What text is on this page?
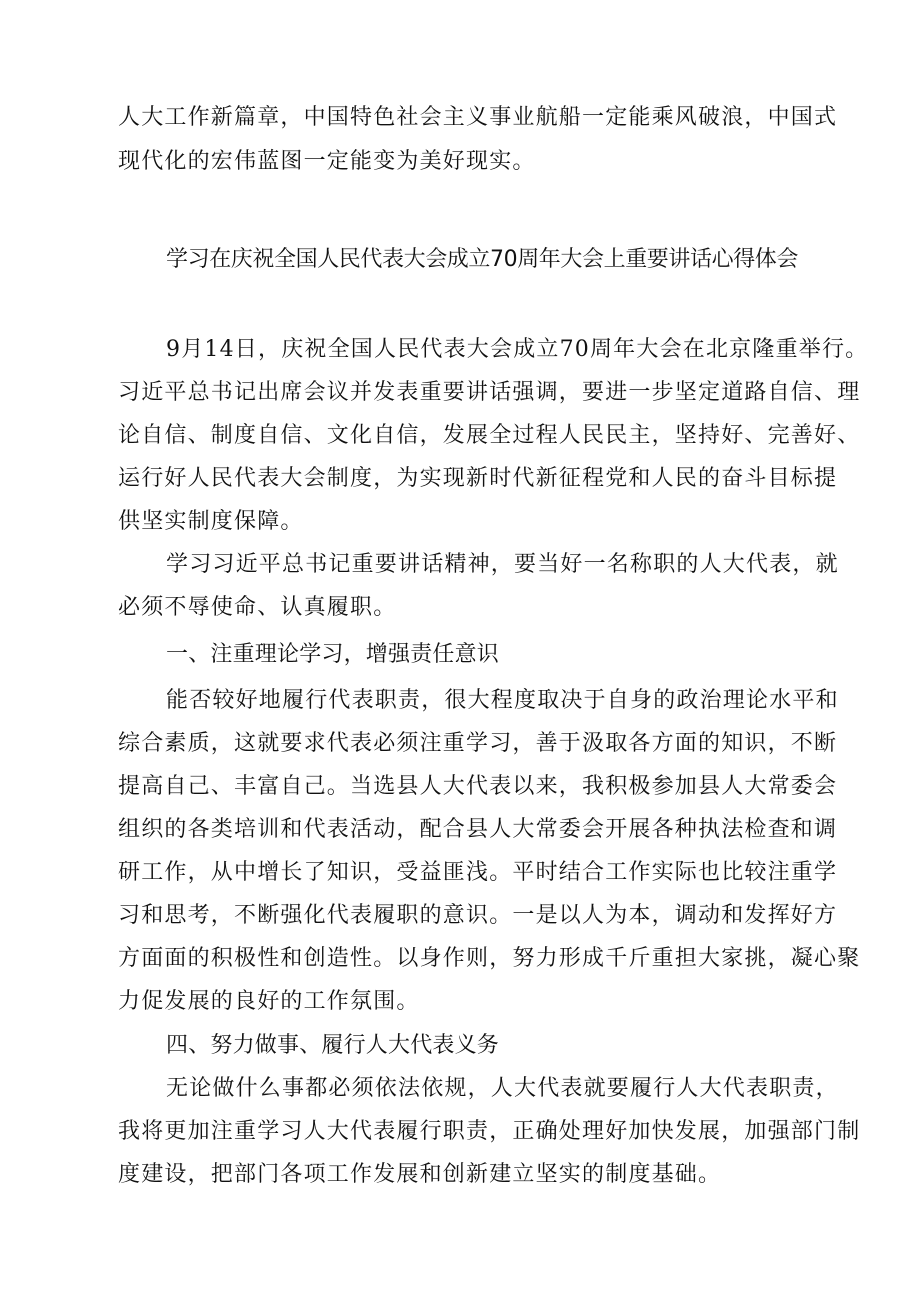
人大工作新篇章，中国特色社会主义事业航船一定能乘风破浪，中国式
现代化的宏伟蓝图一定能变为美好现实。
学习在庆祝全国人民代表大会成立70周年大会上重要讲话心得体会
9月14日，庆祝全国人民代表大会成立70周年大会在北京隆重举行。
习近平总书记出席会议并发表重要讲话强调，要进一步坚定道路自信、理
论自信、制度自信、文化自信，发展全过程人民民主，坚持好、完善好、
运行好人民代表大会制度，为实现新时代新征程党和人民的奋斗目标提
供坚实制度保障。
学习习近平总书记重要讲话精神，要当好一名称职的人大代表，就
必须不辱使命、认真履职。
一、注重理论学习，增强责任意识
能否较好地履行代表职责，很大程度取决于自身的政治理论水平和
综合素质，这就要求代表必须注重学习，善于汲取各方面的知识，不断
提高自己、丰富自己。当选县人大代表以来，我积极参加县人大常委会
组织的各类培训和代表活动，配合县人大常委会开展各种执法检查和调
研工作，从中增长了知识，受益匪浅。平时结合工作实际也比较注重学
习和思考，不断强化代表履职的意识。一是以人为本，调动和发挥好方
方面面的积极性和创造性。以身作则，努力形成千斤重担大家挑，凝心聚
力促发展的良好的工作氛围。
四、努力做事、履行人大代表义务
无论做什么事都必须依法依规，人大代表就要履行人大代表职责，
我将更加注重学习人大代表履行职责，正确处理好加快发展，加强部门制
度建设，把部门各项工作发展和创新建立坚实的制度基础。
